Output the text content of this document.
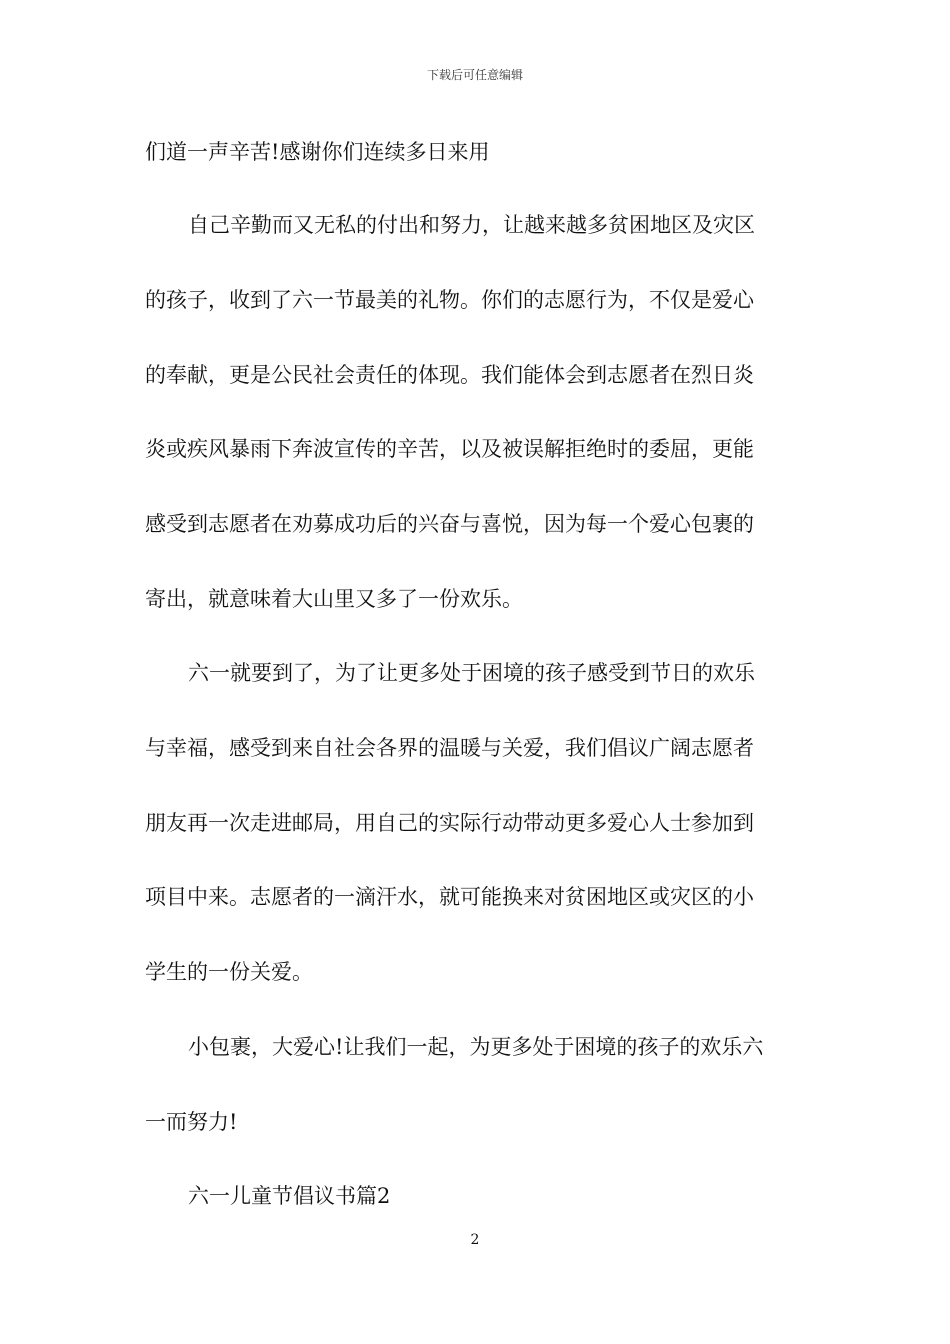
下载后可任意编辑
们道一声辛苦!感谢你们连续多日来用
自己辛勤而又无私的付出和努力，让越来越多贫困地区及灾区
的孩子，收到了六一节最美的礼物。你们的志愿行为，不仅是爱心
的奉献，更是公民社会责任的体现。我们能体会到志愿者在烈日炎
炎或疾风暴雨下奔波宣传的辛苦，以及被误解拒绝时的委屈，更能
感受到志愿者在劝募成功后的兴奋与喜悦，因为每一个爱心包裹的
寄出，就意味着大山里又多了一份欢乐。
六一就要到了，为了让更多处于困境的孩子感受到节日的欢乐
与幸福，感受到来自社会各界的温暖与关爱，我们倡议广阔志愿者
朋友再一次走进邮局，用自己的实际行动带动更多爱心人士参加到
项目中来。志愿者的一滴汗水，就可能换来对贫困地区或灾区的小
学生的一份关爱。
小包裹，大爱心!让我们一起，为更多处于困境的孩子的欢乐六
一而努力!
六一儿童节倡议书篇2
2
